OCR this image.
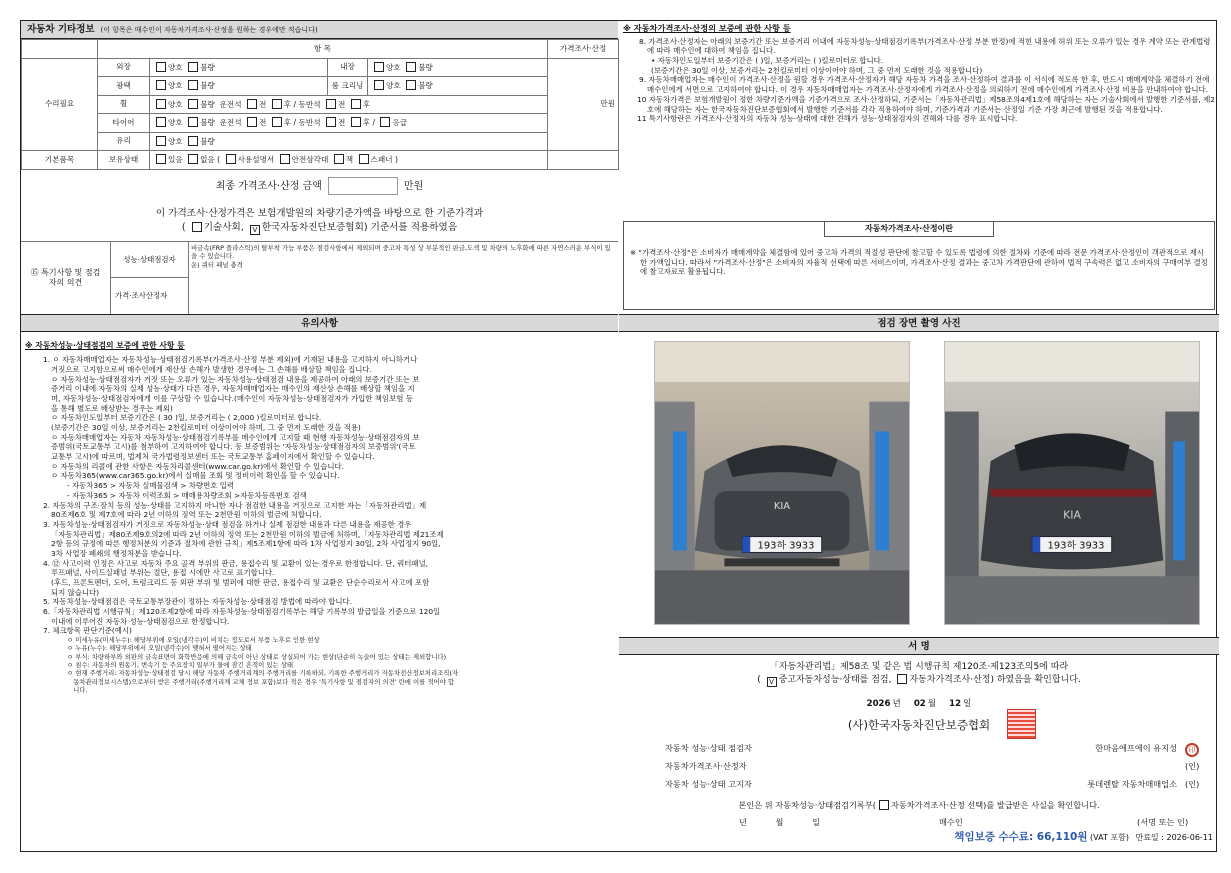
자동차 기타정보 (이 항목은 매수인이 자동차가격조사·산정을 원하는 경우에만 적습니다)
	항 목				가격조사·산정
수리필요	외장	양호 불량	내장	양호 불량	만원
	광택	양호 불량	룸 크리닝	양호 불량	
	휠	양호 불량 운전석 전 후 / 동반석 전 후			
	타이어	양호 불량 운전석 전 후 / 동반석 전 후 / 응급			
	유리	양호 불량			
기본품목	보유상태	있음 없음 ( 사용설명서 안전삼각대 잭 스패너 )			
최종 가격조사·산정 금액	만원
이 가격조사·산정가격은 보험개발원의 차량기준가액을 바탕으로 한 기준가격과
( 기술사회, V 한국자동차진단보증협회) 기준서를 적용하였음
⑮ 특기사항 및 점검자의 의견
성능·상태점검자
비금속(FRP 플라스틱)의 탈부착 가능 부품은 점검사항에서 제외되며 중고차 특성 상 부분적인 판금,도색 및 차량의 노후화에 따른 자연스러운 부식이 있을 수 있습니다.
운) 쿼터 패널 충격
가격·조사산정자
유의사항

※ 자동차성능·상태점검의 보증에 관한 사항 등

1. ㅇ 자동차매매업자는 자동차성능·상태점검기록부(가격조사·산정 부분 제외)에 기재된 내용을 고지하지 아니하거나

거짓으로 고지함으로써 매수인에게 재산상 손해가 발생한 경우에는 그 손해를 배상할 책임을 집니다.

ㅇ 자동차성능·상태점검자가 거짓 또는 오류가 있는 자동차성능·상태점검 내용을 제공하여 아래의 보증기간 또는 보

증거리 이내에 자동차의 실제 성능·상태가 다른 경우, 자동차매매업자는 매수인의 재산상 손해를 배상할 책임을 지

며, 자동차성능·상태점검자에게 이를 구상할 수 있습니다.(매수인이 자동차성능·상태점검자가 가입한 책임보험 등

을 통해 별도로 배상받는 경우는 제외)

ㅇ 자동차인도일부터 보증기간은 ( 30 )일, 보증거리는 ( 2,000 )킬로미터로 합니다.

(보증기간은 30일 이상, 보증거리는 2천킬로미터 이상이어야 하며, 그 중 먼저 도래한 것을 적용)

ㅇ 자동차매매업자는 자동차 자동차성능·상태점검기록부를 매수인에게 고지할 때 현행 자동차성능·상태점검자의 보

증범위(국토교통부 고시)를 첨부하여 고지하여야 합니다. 동 보증범위는 '자동차성능·상태점검자의 보증범위'(국토

교통부 고시)에 따르며, 법제처 국가법령정보센터 또는 국토교통부 홈페이지에서 확인할 수 있습니다.

ㅇ 자동차의 리콜에 관한 사항은 자동차리콜센터(www.car.go.kr)에서 확인할 수 있습니다.

ㅇ 자동차365(www.car365.go.kr)에서 실매물 조회 및 정비이력 확인을 할 수 있습니다.

- 자동차365 > 자동차 실매물검색 > 차량번호 입력

- 자동차365 > 자동차 이력조회 > 매매용차량조회 >자동차등록번호 검색

2. 자동차의 구조·장치 등의 성능·상태를 고지하지 아니한 자나 점검한 내용을 거짓으로 고지한 자는「자동차관리법」제

80조제6호 및 제7호에 따라 2년 이하의 징역 또는 2천만원 이하의 벌금에 처합니다.

3. 자동차성능·상태점검자가 거짓으로 자동차성능·상태 점검을 하거나 실제 점검한 내용과 다른 내용을 제공한 경우

「자동차관리법」제80조제9호의2에 따라 2년 이하의 징역 또는 2천만원 이하의 벌금에 처하며,「자동차관리법 제21조제

2항 등의 규정에 따른 행정처분의 기준과 절차에 관한 규칙」제5조제1항에 따라 1차 사업정지 30일, 2차 사업정지 90일,

3차 사업장 폐쇄의 행정처분을 받습니다.

4. ⑫ 사고이력 인정은 사고로 자동차 주요 골격 부위의 판금, 용접수리 및 교환이 있는 경우로 한정합니다. 단, 쿼터패널,

루프패널, 사이드실패널 부위는 절단, 용접 시에만 사고로 표기합니다.

(후드, 프론트펜더, 도어, 트렁크리드 등 외판 부위 및 범퍼에 대한 판금, 용접수리 및 교환은 단순수리로서 사고에 포함

되지 않습니다)

5. 자동차성능·상태점검은 국토교통부장관이 정하는 자동차성능·상태점검 방법에 따라야 합니다.

6.「자동차관리법 시행규칙」제120조제2항에 따라 자동차성능·상태점검기록부는 해당 기록부의 발급일을 기준으로 120일

이내에 이루어진 자동차 성능·상태점검으로 한정합니다.

7. 체크항목 판단기준(예시)

ㅇ 미세누유(미세누수): 해당부위에 오일(냉각수)이 비치는 정도로서 부품 노후로 인한 현상

ㅇ 누유(누수): 해당부위에서 오일(냉각수)이 맺혀서 떨어지는 상태

ㅇ 부식: 차량하부와 외판의 금속표면이 화학반응에 의해 금속이 아닌 상태로 상실되어 가는 현상(단순히 녹슬어 있는 상태는 제외합니다)

ㅇ 침수: 자동차의 원동기, 변속기 등 주요장치 일부가 물에 잠긴 흔적이 있는 상태

ㅇ 현재 주행거리: 자동차성능·상태점검 당시 해당 자동차 주행거리계의 주행거리를 기록하되, 기록한 주행거리가 자동차전산정보처리조직(자

동차관리정보시스템)으로부터 받은 주행거리(주행거리계 교체 정보 포함)보다 적은 경우 '특기사항 및 점검자의 의견' 란에 이를 적어야 합

니다.

※ 자동차가격조사·산정의 보증에 관한 사항 등

8. 가격조사·산정자는 아래의 보증기간 또는 보증거리 이내에 자동차성능·상태점검기록부(가격조사·산정 부분 한정)에 적힌 내용에 허위 또는 오류가 있는 경우 계약 또는 관계법령에 따라 매수인에 대하여 책임을 집니다.

• 자동차인도일부터 보증기간은 ( )일, 보증거리는 ( )킬로미터로 합니다.

(보증기간은 30일 이상, 보증거리는 2천킬로미터 이상이어야 하며, 그 중 먼저 도래한 것을 적용합니다)

9. 자동차매매업자는 매수인이 가격조사·산정을 원할 경우 가격조사·산정자가 해당 자동차 가격을 조사·산정하여 결과를 이 서식에 적도록 한 후, 반드시 매매계약을 체결하기 전에 매수인에게 서면으로 고지하여야 합니다. 이 경우 자동차매매업자는 가격조사·산정자에게 가격조사·산정을 의뢰하기 전에 매수인에게 가격조사·산정 비용을 안내하여야 합니다.

10 자동차가격은 보험개발원이 정한 차량기준가액을 기준가격으로 조사·산정하되, 기준서는「자동차관리법」제58조의4제1호에 해당하는 자는 기술사회에서 발행한 기준서를, 제2호에 해당하는 자는 한국자동차진단보증협회에서 발행한 기준서를 각각 적용하여야 하며, 기준가격과 기준서는 산정일 기준 가장 최근에 발행된 것을 적용합니다.

11 특기사항란은 가격조사·산정자의 자동차 성능·상태에 대한 견해가 성능·상태점검자의 견해와 다를 경우 표시합니다.

자동차가격조사·산정이란
※ "가격조사·산정"은 소비자가 매매계약을 체결함에 있어 중고차 가격의 적절성 판단에 참고할 수 있도록 법령에 의한 절차와 기준에 따라 전문 가격조사·산정인이 객관적으로 제시한 가액입니다. 따라서 "가격조사·산정"은 소비자의 자율적 선택에 따른 서비스이며, 가격조사·산정 결과는 중고차 가격판단에 관하여 법적 구속력은 없고 소비자의 구매여부 결정에 참고자료로 활용됩니다.
점검 장면 촬영 사진
KIA
193하 3933
KIA
193하 3933
서 명
「자동차관리법」제58조 및 같은 법 시행규칙 제120조·제123조의5에 따라
( V중고자동차성능·상태를 점검, 자동차가격조사·산정) 하였음을 확인합니다.
2026 년 02 월 12 일
(사)한국자동차진단보증협회
자동차 성능·상태 점검자	한마음에프에이 유지성	印
자동차가격조사·산정자	(인)
자동차 성능·상태 고지자	롯데렌탈 자동차매매업소 (인)
본인은 위 자동차성능·상태점검기록부( 자동차가격조사·산정 선택)를 발급받은 사실을 확인합니다.
년           월           일	매수인	(서명 또는 인)
책임보증 수수료: 66,110원 (VAT 포함) 만료일 : 2026-06-11
